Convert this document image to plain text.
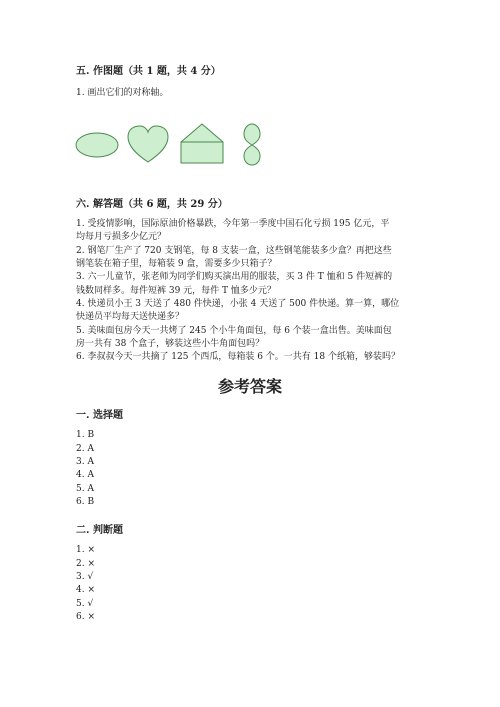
五. 作图题（共 1 题，共 4 分）
1. 画出它们的对称轴。
六. 解答题（共 6 题，共 29 分）
1. 受疫情影响，国际原油价格暴跌，今年第一季度中国石化亏损 195 亿元，平
均每月亏损多少亿元？
2. 钢笔厂生产了 720 支钢笔，每 8 支装一盒，这些钢笔能装多少盒？再把这些
钢笔装在箱子里，每箱装 9 盒，需要多少只箱子？
3. 六一儿童节，张老师为同学们购买演出用的服装，买 3 件 T 恤和 5 件短裤的
钱数同样多。每件短裤 39 元，每件 T 恤多少元？
4. 快递员小王 3 天送了 480 件快递，小张 4 天送了 500 件快递。算一算，哪位
快递员平均每天送快递多？
5. 美味面包房今天一共烤了 245 个小牛角面包，每 6 个装一盒出售。美味面包
房一共有 38 个盒子，够装这些小牛角面包吗？
6. 李叔叔今天一共摘了 125 个西瓜，每箱装 6 个。一共有 18 个纸箱，够装吗？
参考答案
一. 选择题
1. B
2. A
3. A
4. A
5. A
6. B
二. 判断题
1. ×
2. ×
3. √
4. ×
5. √
6. ×
